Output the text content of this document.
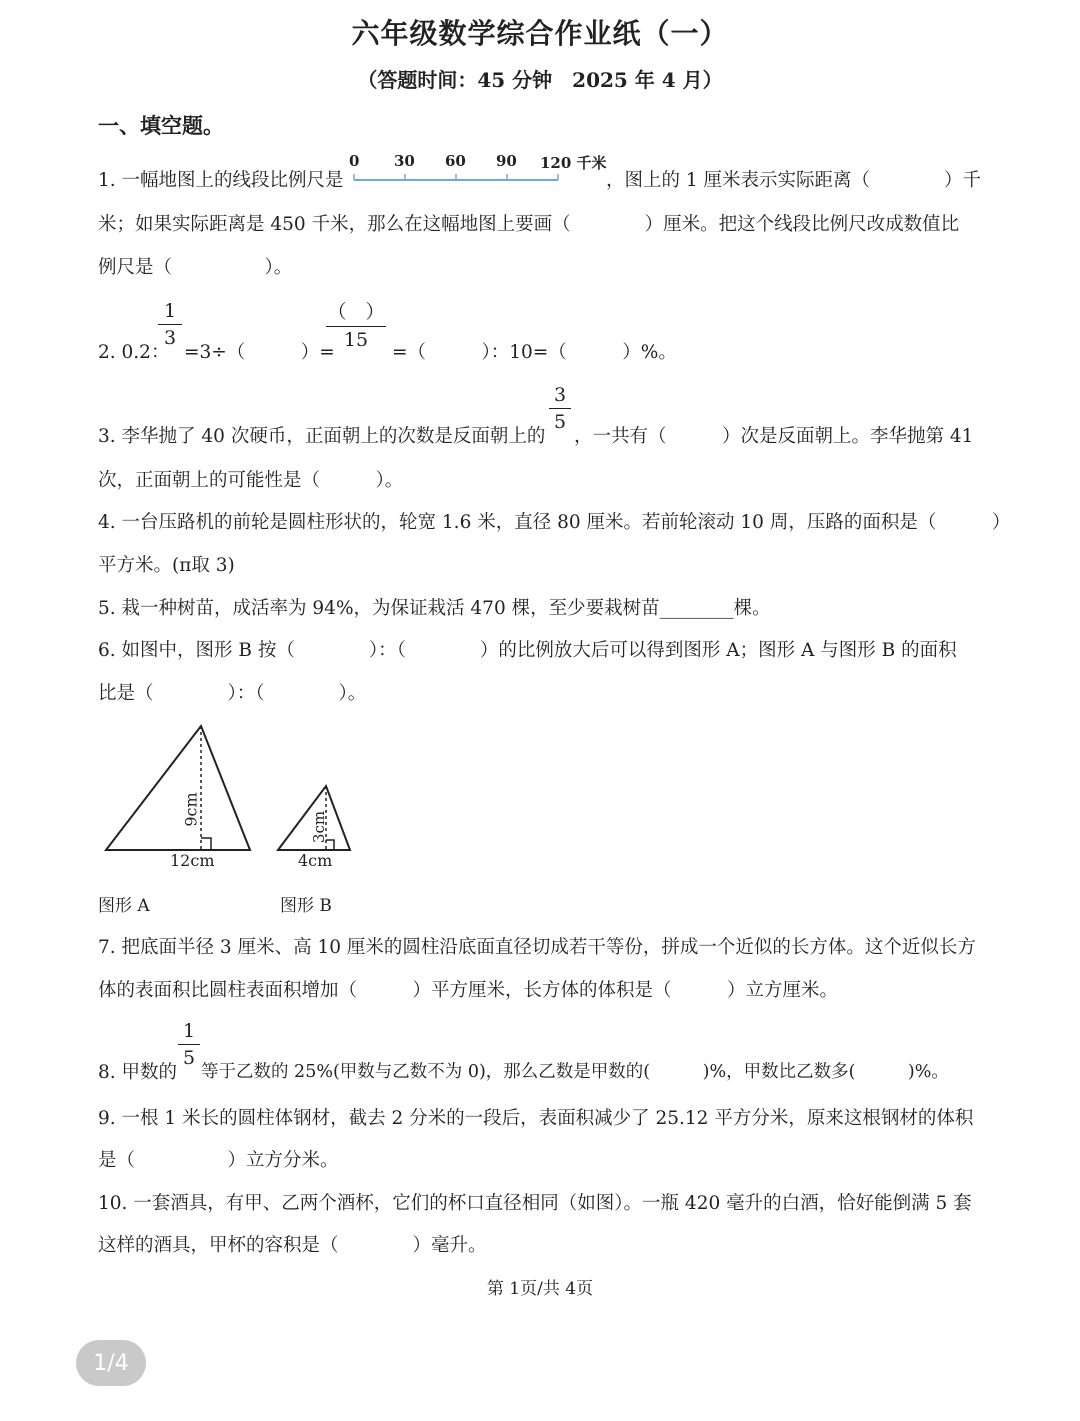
六年级数学综合作业纸（一）
（答题时间：45 分钟　2025 年 4 月）
一、填空题。
1. 一幅地图上的线段比例尺是
0 30 60 90 120 千米
，图上的 1 厘米表示实际距离（　　　　）千
米；如果实际距离是 450 千米，那么在这幅地图上要画（　　　　）厘米。把这个线段比例尺改成数值比
例尺是（　　　　　）。
2. 0.2：
1
3
=3÷（　　　）=
（　）
15
=（　　　）：10=（　　　）%。
3. 李华抛了 40 次硬币，正面朝上的次数是反面朝上的
3
5
，一共有（　　　）次是反面朝上。李华抛第 41
次，正面朝上的可能性是（　　　）。
4. 一台压路机的前轮是圆柱形状的，轮宽 1.6 米，直径 80 厘米。若前轮滚动 10 周，压路的面积是（　　　）
平方米。(π取 3)
5. 栽一种树苗，成活率为 94%，为保证栽活 470 棵，至少要栽树苗________棵。
6. 如图中，图形 B 按（　　　　）：（　　　　）的比例放大后可以得到图形 A；图形 A 与图形 B 的面积
比是（　　　　）：（　　　　）。
9cm
12cm
图形 A
3cm
4cm
图形 B
7. 把底面半径 3 厘米、高 10 厘米的圆柱沿底面直径切成若干等份，拼成一个近似的长方体。这个近似长方
体的表面积比圆柱表面积增加（　　　）平方厘米，长方体的体积是（　　　）立方厘米。
8. 甲数的
1
5
等于乙数的 25%(甲数与乙数不为 0)，那么乙数是甲数的(　　　)%，甲数比乙数多(　　　)%。
9. 一根 1 米长的圆柱体钢材，截去 2 分米的一段后，表面积减少了 25.12 平方分米，原来这根钢材的体积
是（　　　　　）立方分米。
10. 一套酒具，有甲、乙两个酒杯，它们的杯口直径相同（如图）。一瓶 420 毫升的白酒，恰好能倒满 5 套
这样的酒具，甲杯的容积是（　　　　）毫升。
第 1页/共 4页
1/4
